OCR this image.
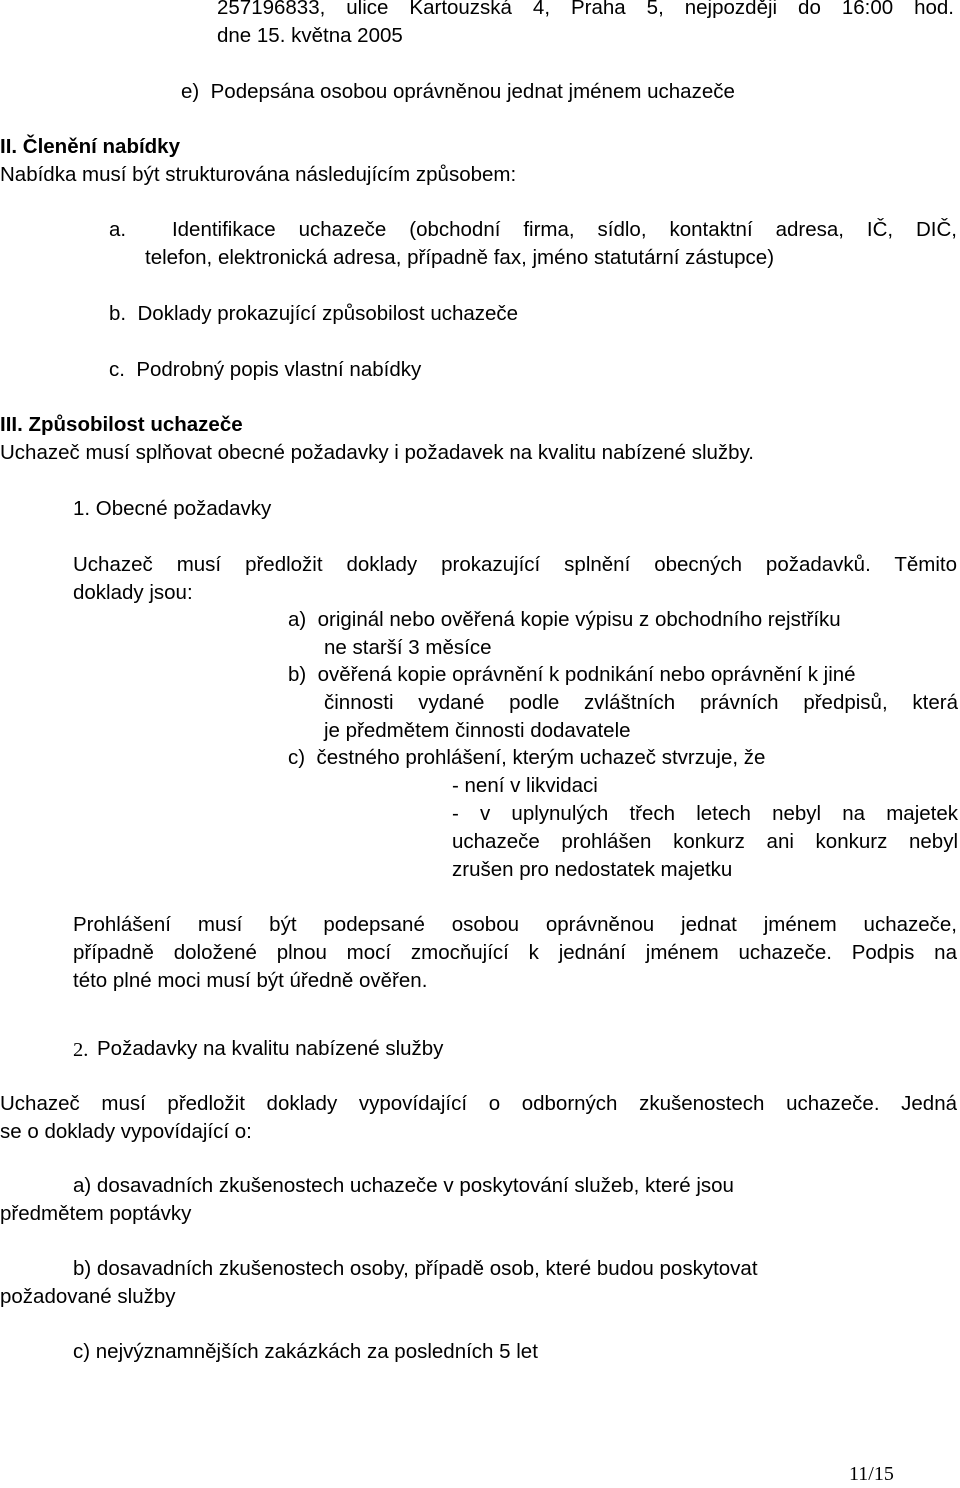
257196833, ulice Kartouzská 4, Praha 5, nejpozději do 16:00 hod.
dne 15. května 2005
e)  Podepsána osobou oprávněnou jednat jménem uchazeče
II. Členění nabídky
Nabídka musí být strukturována následujícím způsobem:
a.  Identifikace uchazeče (obchodní firma, sídlo, kontaktní adresa, IČ, DIČ,
telefon, elektronická adresa, případně fax, jméno statutární zástupce)
b.  Doklady prokazující způsobilost uchazeče
c.  Podrobný popis vlastní nabídky
III. Způsobilost uchazeče
Uchazeč musí splňovat obecné požadavky i požadavek na kvalitu nabízené služby.
1. Obecné požadavky
Uchazeč musí předložit doklady prokazující splnění obecných požadavků. Těmito
doklady jsou:
a)  originál nebo ověřená kopie výpisu z obchodního rejstříku
ne starší 3 měsíce
b)  ověřená kopie oprávnění k podnikání nebo oprávnění k jiné
činnosti vydané podle zvláštních právních předpisů, která
je předmětem činnosti dodavatele
c)  čestného prohlášení, kterým uchazeč stvrzuje, že
- není v likvidaci
- v uplynulých třech letech nebyl na majetek
uchazeče prohlášen konkurz ani konkurz nebyl
zrušen pro nedostatek majetku
Prohlášení musí být podepsané osobou oprávněnou jednat jménem uchazeče,
případně doložené plnou mocí zmocňující k jednání jménem uchazeče. Podpis na
této plné moci musí být úředně ověřen.
2. Požadavky na kvalitu nabízené služby
Uchazeč musí předložit doklady vypovídající o odborných zkušenostech uchazeče. Jedná
se o doklady vypovídající o:
a) dosavadních zkušenostech uchazeče v poskytování služeb, které jsou
předmětem poptávky
b) dosavadních zkušenostech osoby, případě osob, které budou poskytovat
požadované služby
c) nejvýznamnějších zakázkách za posledních 5 let
11/15
